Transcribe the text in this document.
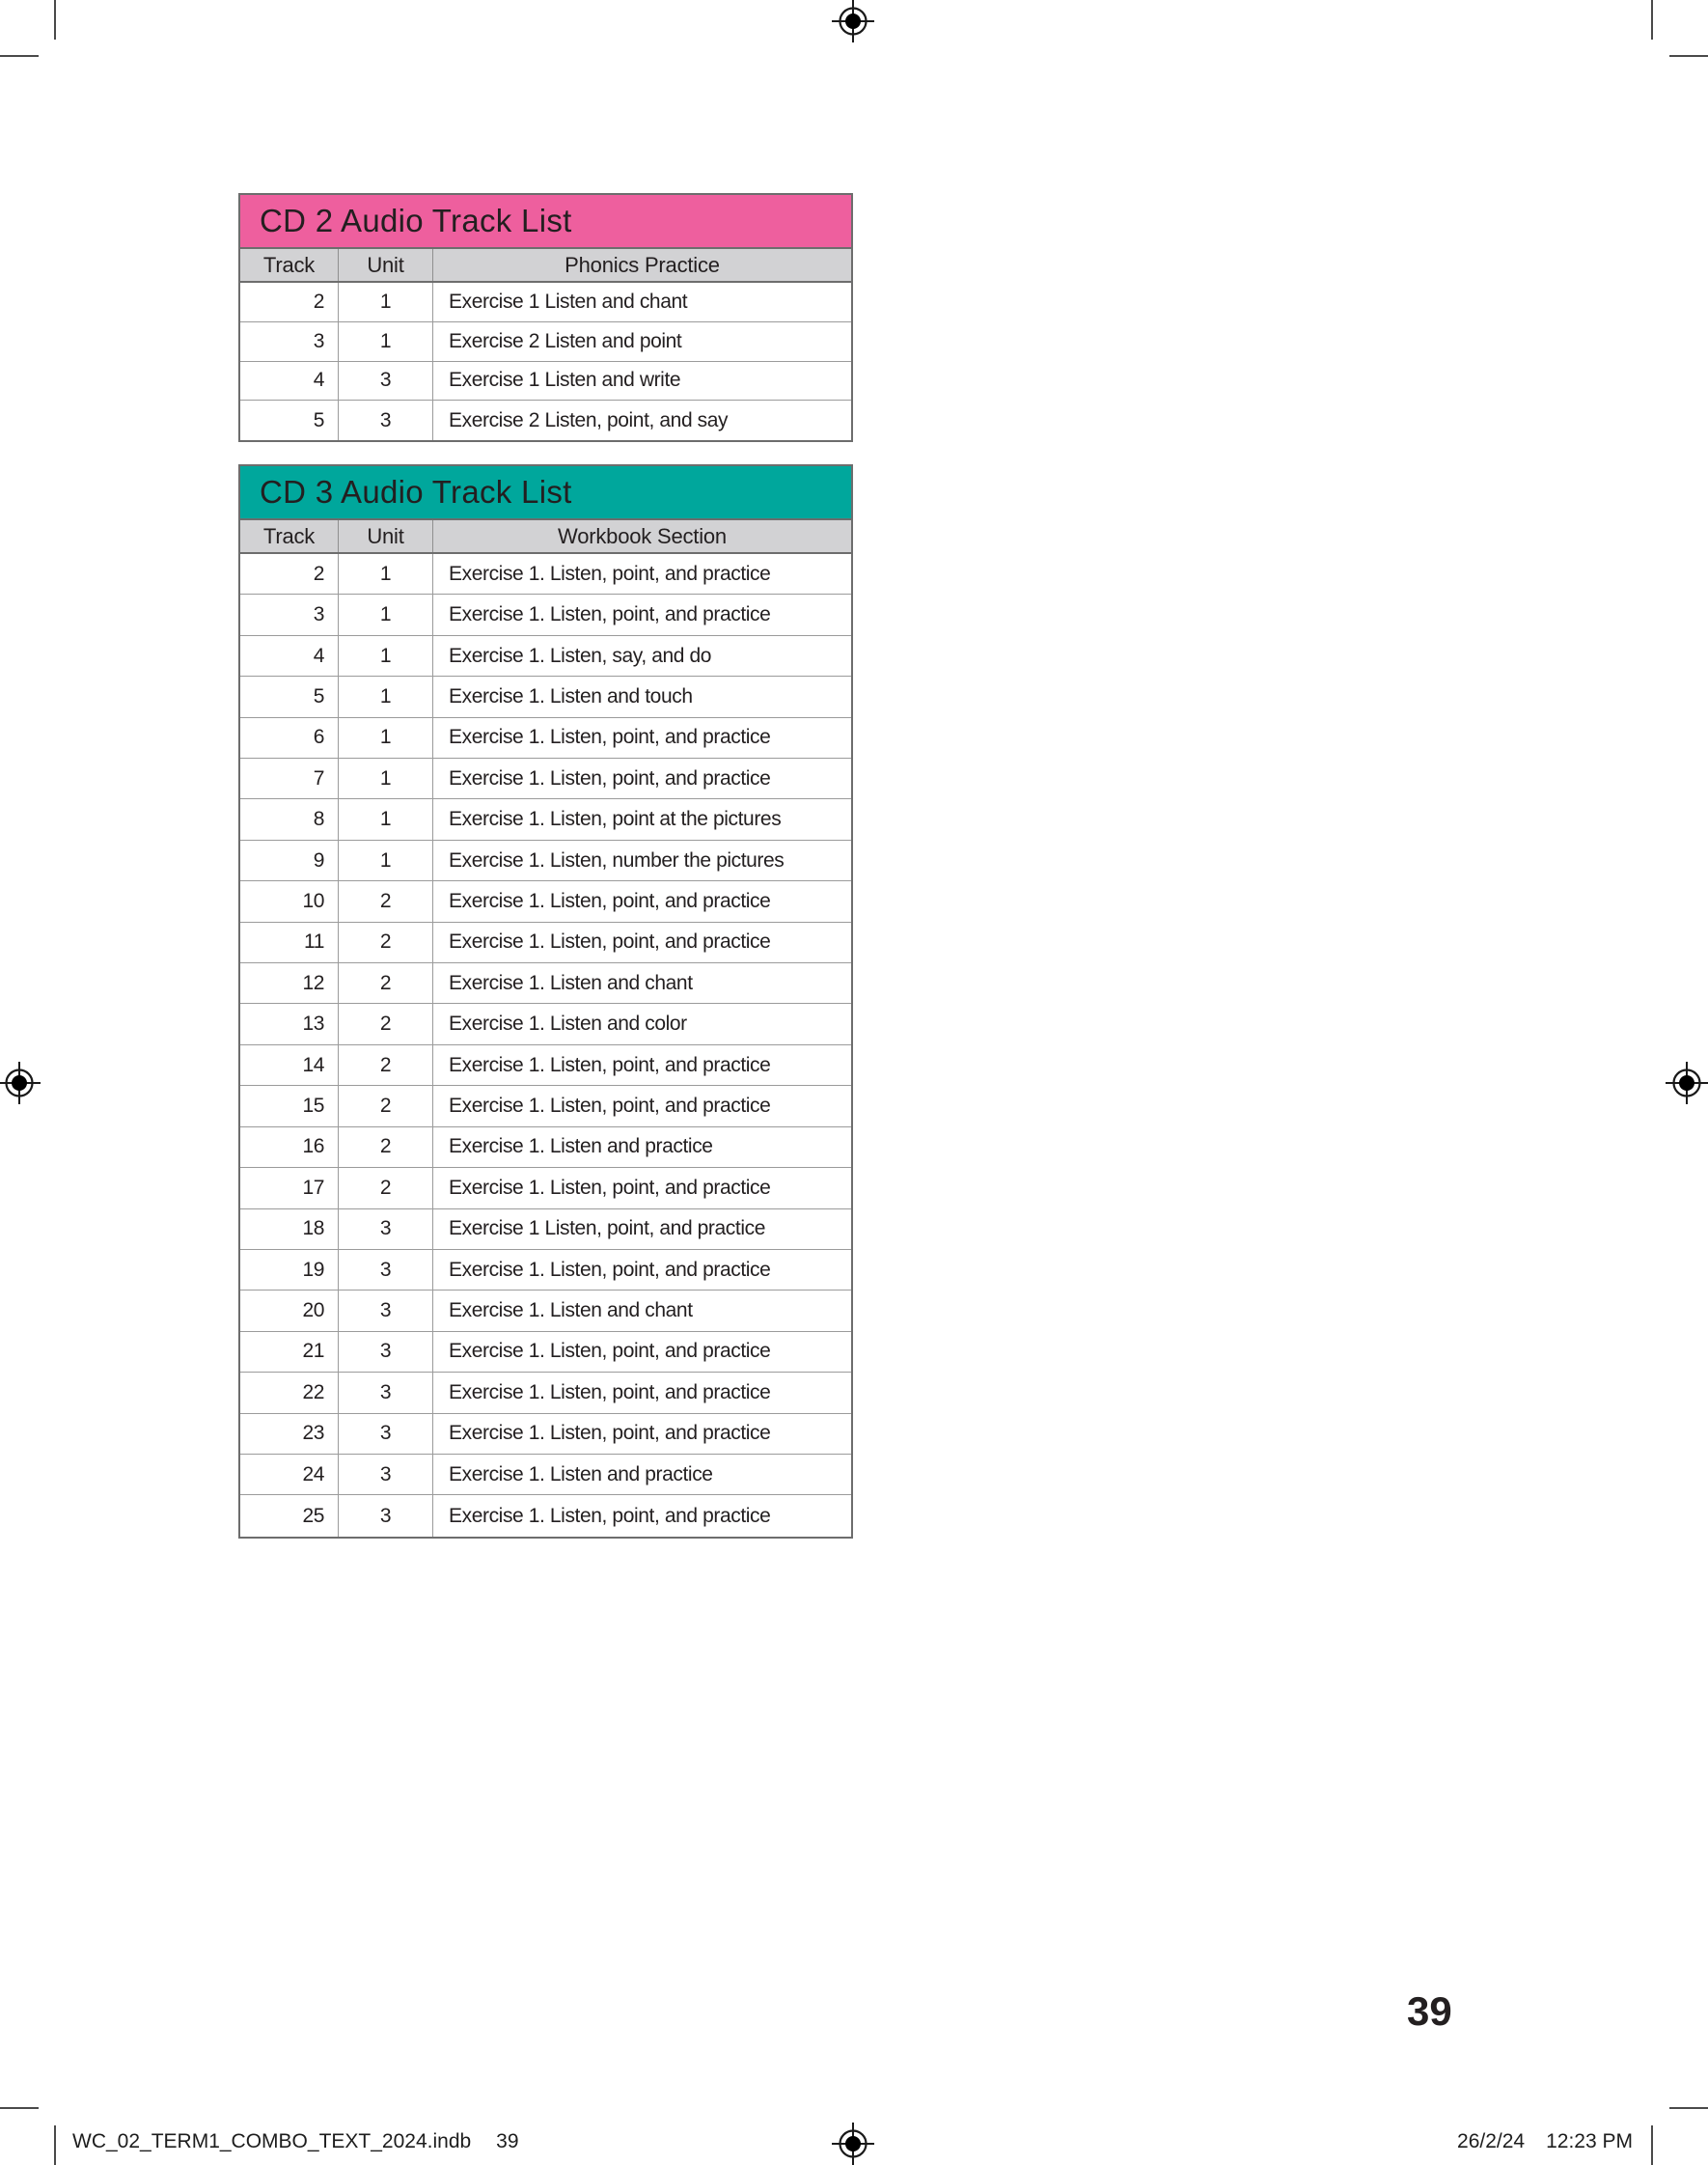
CD 2 Audio Track List
Track	Unit	Phonics Practice
2	1	Exercise 1 Listen and chant
3	1	Exercise 2 Listen and point
4	3	Exercise 1 Listen and write
5	3	Exercise 2 Listen, point, and say
CD 3 Audio Track List
Track	Unit	Workbook Section
2	1	Exercise 1. Listen, point, and practice
3	1	Exercise 1. Listen, point, and practice
4	1	Exercise 1. Listen, say, and do
5	1	Exercise 1. Listen and touch
6	1	Exercise 1. Listen, point, and practice
7	1	Exercise 1. Listen, point, and practice
8	1	Exercise 1. Listen, point at the pictures
9	1	Exercise 1. Listen, number the pictures
10	2	Exercise 1. Listen, point, and practice
11	2	Exercise 1. Listen, point, and practice
12	2	Exercise 1. Listen and chant
13	2	Exercise 1. Listen and color
14	2	Exercise 1. Listen, point, and practice
15	2	Exercise 1. Listen, point, and practice
16	2	Exercise 1. Listen and practice
17	2	Exercise 1. Listen, point, and practice
18	3	Exercise 1 Listen, point, and practice
19	3	Exercise 1. Listen, point, and practice
20	3	Exercise 1. Listen and chant
21	3	Exercise 1. Listen, point, and practice
22	3	Exercise 1. Listen, point, and practice
23	3	Exercise 1. Listen, point, and practice
24	3	Exercise 1. Listen and practice
25	3	Exercise 1. Listen, point, and practice
39
WC_02_TERM1_COMBO_TEXT_2024.indb 39	26/2/24 12:23 PM
